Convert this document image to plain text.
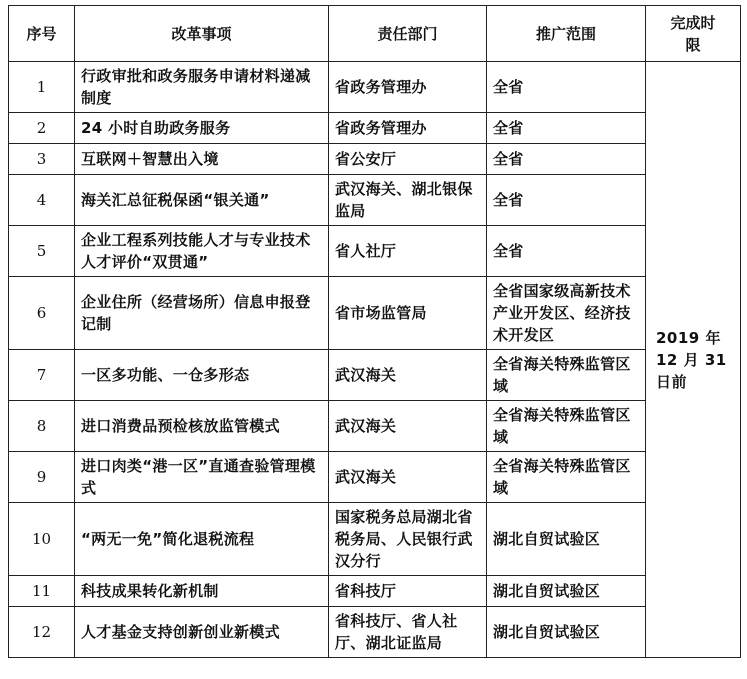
序号	改革事项	责任部门	推广范围	完成时限
1	行政审批和政务服务申请材料递减制度	省政务管理办	全省	2019 年 12 月 31 日前
2	24 小时自助政务服务	省政务管理办	全省	
3	互联网＋智慧出入境	省公安厅	全省	
4	海关汇总征税保函“银关通”	武汉海关、湖北银保监局	全省	
5	企业工程系列技能人才与专业技术人才评价“双贯通”	省人社厅	全省	
6	企业住所（经营场所）信息申报登记制	省市场监管局	全省国家级高新技术产业开发区、经济技术开发区	
7	一区多功能、一仓多形态	武汉海关	全省海关特殊监管区域	
8	进口消费品预检核放监管模式	武汉海关	全省海关特殊监管区域	
9	进口肉类“港一区”直通查验管理模式	武汉海关	全省海关特殊监管区域	
10	“两无一免”简化退税流程	国家税务总局湖北省税务局、人民银行武汉分行	湖北自贸试验区	
11	科技成果转化新机制	省科技厅	湖北自贸试验区	
12	人才基金支持创新创业新模式	省科技厅、省人社厅、湖北证监局	湖北自贸试验区	
